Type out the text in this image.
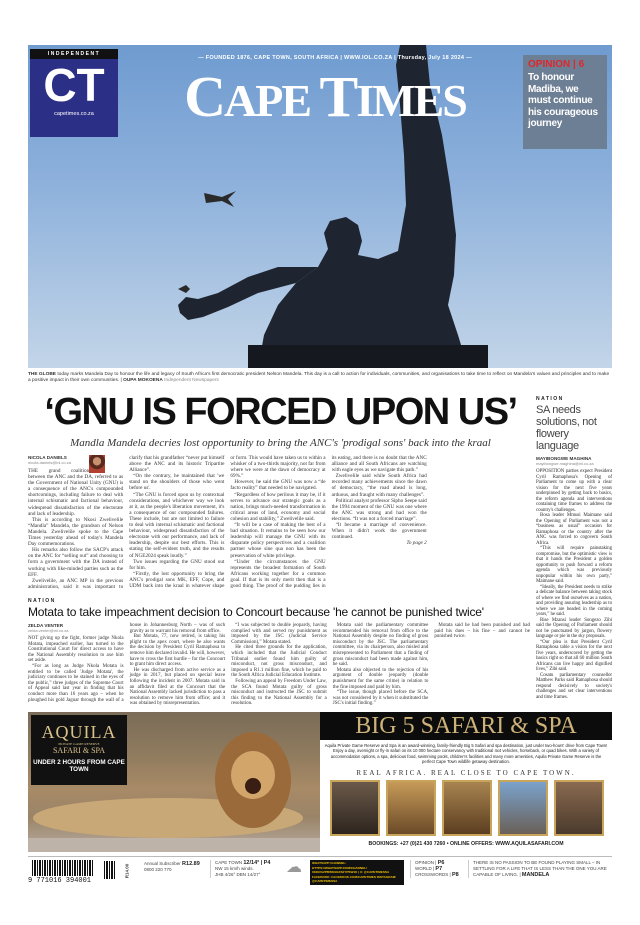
INDEPENDENT
CT
capetimes.co.za
— FOUNDED 1876, CAPE TOWN, SOUTH AFRICA | WWW.IOL.CO.ZA | Thursday, July 18 2024 —
CAPE TIMES
OPINION | 6
To honour Madiba, we must continue his courageous journey
THE GLOBE today marks Mandela Day to honour the life and legacy of South Africa's first democratic president Nelson Mandela. This day is a call to action for individuals, communities, and organisations to take time to reflect on Mandela's values and principles and to make a positive impact in their own communities. | OUPA MOKOENA Independent Newspapers
‘GNU IS FORCED UPON US’
Mandla Mandela decries lost opportunity to bring the ANC's 'prodigal sons' back into the kraal
NICOLA DANIELS
nicola.daniels@inl.co.za

THE grand coalition between the ANC and the DA, referred to as the Government of National Unity (GNU) is a consequence of the ANC's compounded shortcomings, including failure to deal with internal schismatic and factional behaviour, widespread dissatisfaction of the electorate and lack of leadership.

This is according to Nkosi Zwelivelile “Mandla” Mandela, the grandson of Nelson Mandela. Zwelivelile spoke to the Cape Times yesterday ahead of today's Mandela Day commemorations.

His remarks also follow the SACP's attack on the ANC for “selling out” and choosing to form a government with the DA instead of working with like-minded parties such as the EFF.

Zwelivelile, an ANC MP in the previous administration, said it was important to clarify that his grandfather “never put himself above the ANC and its historic Tripartite Alliance”.

“On the contrary, he maintained that 'we stand on the shoulders of those who went before us'.

“The GNU is forced upon us by contextual considerations, and whichever way we look at it, as the people's liberation movement, it's a consequence of our compounded failures. These include, but are not limited to failure to deal with internal schismatic and factional behaviour, widespread dissatisfaction of the electorate with our performance, and lack of leadership, despite our best efforts. This is stating the self-evident truth, and the results of NGE2024 speak loudly.”

Two issues regarding the GNU stood out for him.

“Firstly, the lost opportunity to bring the ANC's prodigal sons MK, EFF, Cope, and UDM back into the kraal in whatever shape or form. This would have taken us to within a whisker of a two-thirds majority, not far from where we were at the dawn of democracy at 69%.”

However, he said the GNU was now a “de facto reality” that needed to be navigated.

“Regardless of how perilous it may be, if it serves to advance our strategic goals as a nation, brings much-needed transformation in critical areas of land, economy and social cohesion and stability,” Zwelivelile said.

“It will be a case of making the best of a bad situation. It remains to be seen how our leadership will manage the GNU with its disparate policy perspectives and a coalition partner whose sine qua non has been the preservation of white privilege.

“Under the circumstances the GNU represents the broadest formation of South Africans working together for a common goal. If that is its only merit then that is a good thing. The proof of the pudding lies in its eating, and there is no doubt that the ANC alliance and all South Africans are watching with eagle eyes as we navigate this path.”

Zwelivelile said while South Africa had recorded many achievements since the dawn of democracy, “the road ahead is long, arduous, and fraught with many challenges”.

Political analyst professor Sipho Seepe said the 1994 moment of the GNU was one where the ANC was strong and had won the elections. “It was not a forced marriage”.

“It became a marriage of convenience. When it didn't work the government continued.

To page 2
NATION
SA needs solutions, not flowery language
MAYIBONGWE MAGHINA
mayibongwe.maghina@inl.co.za

OPPOSITION parties expect President Cyril Ramaphosa's Opening of Parliament to come up with a clear vision for the next five years underpinned by getting back to basics, the reform agenda and interventions containing time frames to address the country's challenges.

Bosa leader Mmusi Maimane said the Opening of Parliament was not a “business as usual” occasion for Ramaphosa or the country after the ANC was forced to cogovern South Africa.

“This will require painstaking compromise, but the optimistic view is that it hands the President a golden opportunity to push forward a reform agenda which was previously unpopular within his own party,” Maimane said.

“Ideally, the President needs to strike a delicate balance between taking stock of where we find ourselves as a nation, and providing assuring leadership as to where we are headed in the coming years,” he said.

Rise Mzansi leader Songezo Zibi said the Opening of Parliament should not be punctuated by jargon, flowery language or pie in the sky proposals.

“Our plea is that President Cyril Ramaphosa table a vision for the next five years, underscored by getting the basics right so that all 60 million South Africans can live happy and dignified lives,” Zibi said.

Cosatu parliamentary counsellor Matthew Parks said Ramaphosa should respond decisively to society's challenges and set clear interventions and time frames.

NATION
Motata to take impeachment decision to Concourt because 'he cannot be punished twice'
ZELDA VENTER
zelda.venter@inl.co.za

NOT giving up the fight, former judge Nkola Motata, impeached earlier, has turned to the Constitutional Court for direct access to have the National Assembly resolution to axe him set aside.

“For as long as Judge Nkola Motata is entitled to be called 'Judge Motata', the judiciary continues to be stained in the eyes of the public,” three judges of the Supreme Court of Appeal said last year in finding that his conduct more than 16 years ago – when he ploughed his gold Jaguar through the wall of a house in Johannesburg North – was of such gravity as to warrant his removal from office.

But Motata, 77, now retired, is taking his plight to the apex court, where he also wants the decision by President Cyril Ramaphosa to remove him declared invalid. He will, however, have to cross the first hurdle – for the Concourt to grant him direct access.

He was discharged from active service as a judge in 2017, but placed on special leave following the incident in 2007. Motata said in an affidavit filed at the Concourt that the National Assembly lacked jurisdiction to pass a resolution to remove him from office; and it was obtained by misrepresentation.

“I was subjected to double jeopardy, having complied with and served my punishment as imposed by the JSC (Judicial Service Commission),” Motata stated.

He cited three grounds for the application, which included that the Judicial Conduct Tribunal earlier found him guilty of misconduct, not gross misconduct, and imposed a R1.1 million fine, which he paid to the South Africa Judicial Education Institute.

Following an appeal by Freedom Under Law, the SCA found Motata guilty of gross misconduct and instructed the JSC to submit this finding to the National Assembly for a resolution.

Motata said the parliamentary committee recommended his removal from office to the National Assembly despite no finding of gross misconduct by the JSC. The parliamentary committee, via its chairperson, also misled and misrepresented to Parliament that a finding of gross misconduct had been made against him, he said.

Motata also objected to the rejection of his argument of double jeopardy (double punishment for the same crime) in relation to the fine imposed and paid by him.

“The issue, though placed before the SCA, was not considered by it when it substituted the JSC's initial finding.”

Motata said he had been punished and had paid his dues – his fine – and cannot be punished twice.

AQUILA
PRIVATE GAME RESERVE
SAFARI & SPA
UNDER 2 HOURS FROM CAPE TOWN
BIG 5 SAFARI & SPA
Aquila Private Game Reserve and Spa is an award-winning, family-friendly Big 5 Safari and spa destination, just under two-hours' drive from Cape Town! Enjoy a day, overnight or fly-in safari on its 10 000 hectare conservancy with traditional 4x4 vehicles, horseback, or quad bikes. With a variety of accommodation options, a spa, delicious food, swimming pools, children's facilities and many more amenities, Aquila Private Game Reserve is the perfect Cape Town wildlife getaway destination.
REAL AFRICA. REAL CLOSE TO CAPE TOWN.
BOOKINGS: +27 (0)21 430 7260 • ONLINE OFFERS: WWW.AQUILASAFARI.COM
9 771016 394001
R14.00
Annual Subscriber R12.89
0800 220 770
CAPE TOWN 12/14° | P4
NW 15 km/h winds.
JHB 4/26° DBN 14/27°	☁	WHATSAPP CHANNEL: HTTPS://WHATSAPP.COM/CHANNEL/
0029VAZPBWK9GXS2YPSW1K | X: @CAPETIMESSA
FACEBOOK: FACEBOOK.COM/CAPETIMES INSTAGRAM: @CAPETIMESSA
OPINION | P6
WORLD | P7
CROSSWORDS | P8
THERE IS NO PASSION TO BE FOUND PLAYING SMALL – IN SETTLING FOR A LIFE THAT IS LESS THAN THE ONE YOU ARE CAPABLE OF LIVING. | MANDELA
